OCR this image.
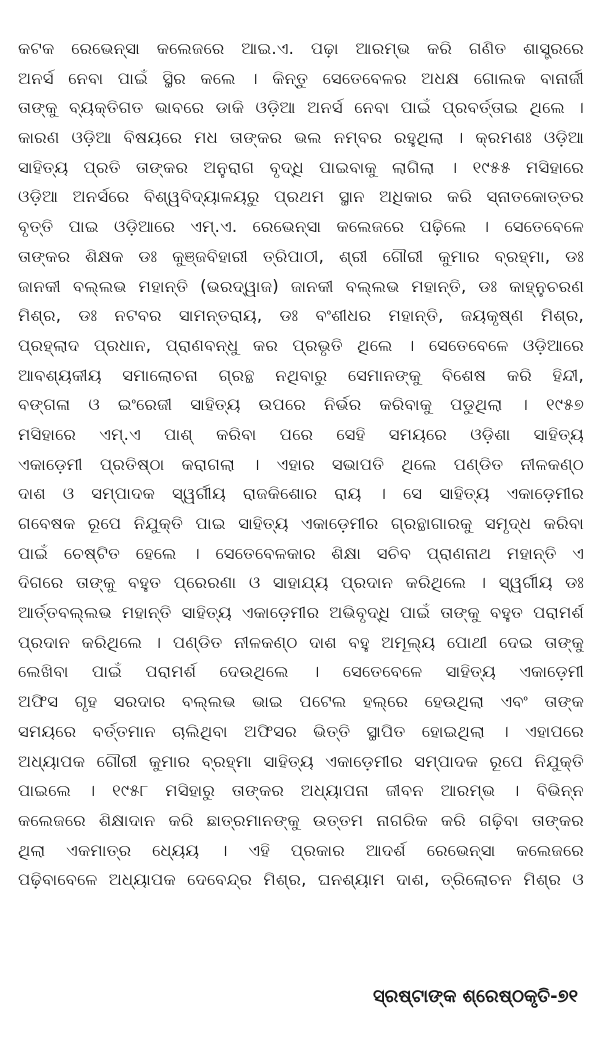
କଟକ ରେଭେନ୍ସା କଲେଜରେ ଆଇ.ଏ. ପଢ଼ା ଆରମ୍ଭ କରି ଗଣିତ ଶାସ୍ତ୍ରରେ
ଅନର୍ସ ନେବା ପାଇଁ ସ୍ଥିର କଲେ । କିନ୍ତୁ ସେତେବେଳର ଅଧକ୍ଷ ଗୋଲକ ବାନାର୍ଜୀ
ତାଙ୍କୁ ବ୍ୟକ୍ତିଗତ ଭାବରେ ଡାକି ଓଡ଼ିଆ ଅନର୍ସ ନେବା ପାଇଁ ପ୍ରବର୍ତ୍ତାଇ ଥିଲେ ।
କାରଣ ଓଡ଼ିଆ ବିଷୟରେ ମଧ ତାଙ୍କର ଭଲ ନମ୍ବର ରହୁଥିଲା । କ୍ରମଶଃ ଓଡ଼ିଆ
ସାହିତ୍ୟ ପ୍ରତି ତାଙ୍କର ଅନୁରାଗ ବୃଦ୍ଧି ପାଇବାକୁ ଲାଗିଲା । ୧୯୫୫ ମସିହାରେ
ଓଡ଼ିଆ ଅନର୍ସରେ ବିଶ୍ୱବିଦ୍ୟାଳୟରୁ ପ୍ରଥମ ସ୍ଥାନ ଅଧିକାର କରି ସ୍ନାତକୋତ୍ତର
ବୃତ୍ତି ପାଇ ଓଡ଼ିଆରେ ଏମ୍.ଏ. ରେଭେନ୍ସା କଲେଜରେ ପଢ଼ିଲେ । ସେତେବେଳେ
ତାଙ୍କର ଶିକ୍ଷକ ଡଃ କୁଞ୍ଜବିହାରୀ ତ୍ରିପାଠୀ, ଶ୍ରୀ ଗୌରୀ କୁମାର ବ୍ରହ୍ମା, ଡଃ
ଜାନକୀ ବଲ୍ଲଭ ମହାନ୍ତି (ଭରଦ୍ୱାଜ) ଜାନକୀ ବଲ୍ଲଭ ମହାନ୍ତି, ଡଃ କାହ୍ନୁଚରଣ
ମିଶ୍ର, ଡଃ ନଟବର ସାମନ୍ତରାୟ, ଡଃ ବଂଶୀଧର ମହାନ୍ତି, ଜୟକୃଷ୍ଣ ମିଶ୍ର,
ପ୍ରହ୍ଲାଦ ପ୍ରଧାନ, ପ୍ରାଣବନ୍ଧୁ କର ପ୍ରଭୃତି ଥିଲେ । ସେତେବେଳେ ଓଡ଼ିଆରେ
ଆବଶ୍ୟକୀୟ ସମାଲୋଚନା ଗ୍ରନ୍ଥ ନଥିବାରୁ ସେମାନଙ୍କୁ ବିଶେଷ କରି ହିନ୍ଦୀ,
ବଙ୍ଗଳା ଓ ଇଂରେଜୀ ସାହିତ୍ୟ ଉପରେ ନିର୍ଭର କରିବାକୁ ପଡୁଥିଲା । ୧୯୫୭
ମସିହାରେ ଏମ୍.ଏ ପାଶ୍ କରିବା ପରେ ସେହି ସମୟରେ ଓଡ଼ିଶା ସାହିତ୍ୟ
ଏକାଡ଼େମୀ ପ୍ରତିଷ୍ଠା କରାଗଲା । ଏହାର ସଭାପତି ଥିଲେ ପଣ୍ଡିତ ନୀଳକଣ୍ଠ
ଦାଶ ଓ ସମ୍ପାଦକ ସ୍ୱର୍ଗୀୟ ରାଜକିଶୋର ରାୟ । ସେ ସାହିତ୍ୟ ଏକାଡ଼େମୀର
ଗବେଷକ ରୂପେ ନିଯୁକ୍ତି ପାଇ ସାହିତ୍ୟ ଏକାଡ଼େମୀର ଗ୍ରନ୍ଥାଗାରକୁ ସମୃଦ୍ଧ କରିବା
ପାଇଁ ଚେଷ୍ଟିତ ହେଲେ । ସେତେବେଳକାର ଶିକ୍ଷା ସଚିବ ପ୍ରାଣନାଥ ମହାନ୍ତି ଏ
ଦିଗରେ ତାଙ୍କୁ ବହୁତ ପ୍ରେରଣା ଓ ସାହାଯ୍ୟ ପ୍ରଦାନ କରିଥିଲେ । ସ୍ୱର୍ଗୀୟ ଡଃ
ଆର୍ତ୍ତବଲ୍ଲଭ ମହାନ୍ତି ସାହିତ୍ୟ ଏକାଡ଼େମୀର ଅଭିବୃଦ୍ଧି ପାଇଁ ତାଙ୍କୁ ବହୁତ ପରାମର୍ଶ
ପ୍ରଦାନ କରିଥିଲେ । ପଣ୍ଡିତ ନୀଳକଣ୍ଠ ଦାଶ ବହୁ ଅମୂଲ୍ୟ ପୋଥୀ ଦେଇ ତାଙ୍କୁ
ଲେଖିବା ପାଇଁ ପରାମର୍ଶ ଦେଉଥିଲେ । ସେତେବେଳେ ସାହିତ୍ୟ ଏକାଡ଼େମୀ
ଅଫିସ ଗୃହ ସରଦାର ବଲ୍ଲଭ ଭାଇ ପଟେଲ ହଲ୍‌ରେ ହେଉଥିଲା ଏବଂ ତାଙ୍କ
ସମୟରେ ବର୍ତ୍ତମାନ ଚାଲିଥିବା ଅଫିସର ଭିତ୍ତି ସ୍ଥାପିତ ହୋଇଥିଲା । ଏହାପରେ
ଅଧ୍ୟାପକ ଗୌରୀ କୁମାର ବ୍ରହ୍ମା ସାହିତ୍ୟ ଏକାଡ଼େମୀର ସମ୍ପାଦକ ରୂପେ ନିଯୁକ୍ତି
ପାଇଲେ । ୧୯୫୮ ମସିହାରୁ ତାଙ୍କର ଅଧ୍ୟାପନା ଜୀବନ ଆରମ୍ଭ । ବିଭିନ୍ନ
କଲେଜରେ ଶିକ୍ଷାଦାନ କରି ଛାତ୍ରମାନଙ୍କୁ ଉତ୍ତମ ନାଗରିକ କରି ଗଢ଼ିବା ତାଙ୍କର
ଥିଲା ଏକମାତ୍ର ଧ୍ୟେୟ । ଏହି ପ୍ରକାର ଆଦର୍ଶ ରେଭେନ୍ସା କଲେଜରେ
ପଢ଼ିବାବେଳେ ଅଧ୍ୟାପକ ଦେବେନ୍ଦ୍ର ମିଶ୍ର, ଘନଶ୍ୟାମ ଦାଶ, ତ୍ରିଲୋଚନ ମିଶ୍ର ଓ
ସ୍ରଷ୍ଟାଙ୍କ ଶ୍ରେଷ୍ଠକୃତି-୭୧
